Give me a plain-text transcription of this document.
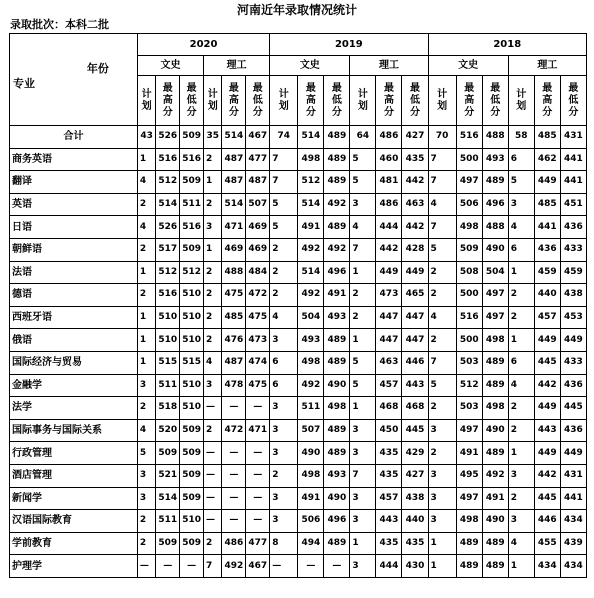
河南近年录取情况统计
录取批次：本科二批
年份
专业	2020						2019						2018					
	文史			理工			文史			理工			文史			理工		
	计划	最高分	最低分	计划	最高分	最低分	计划	最高分	最低分	计划	最高分	最低分	计划	最高分	最低分	计划	最高分	最低分
合计	43	526	509	35	514	467	74	514	489	64	486	427	70	516	488	58	485	431
商务英语	1	516	516	2	487	477	7	498	489	5	460	435	7	500	493	6	462	441
翻译	4	512	509	1	487	487	7	512	489	5	481	442	7	497	489	5	449	441
英语	2	514	511	2	514	507	5	514	492	3	486	463	4	506	496	3	485	451
日语	4	526	516	3	471	469	5	491	489	4	444	442	7	498	488	4	441	436
朝鲜语	2	517	509	1	469	469	2	492	492	7	442	428	5	509	490	6	436	433
法语	1	512	512	2	488	484	2	514	496	1	449	449	2	508	504	1	459	459
德语	2	516	510	2	475	472	2	492	491	2	473	465	2	500	497	2	440	438
西班牙语	1	510	510	2	485	475	4	504	493	2	447	447	4	516	497	2	457	453
俄语	1	510	510	2	476	473	3	493	489	1	447	447	2	500	498	1	449	449
国际经济与贸易	1	515	515	4	487	474	6	498	489	5	463	446	7	503	489	6	445	433
金融学	3	511	510	3	478	475	6	492	490	5	457	443	5	512	489	4	442	436
法学	2	518	510	—	—	—	3	511	498	1	468	468	2	503	498	2	449	445
国际事务与国际关系	4	520	509	2	472	471	3	507	489	3	450	445	3	497	490	2	443	436
行政管理	5	509	509	—	—	—	3	490	489	3	435	429	2	491	489	1	449	449
酒店管理	3	521	509	—	—	—	2	498	493	7	435	427	3	495	492	3	442	431
新闻学	3	514	509	—	—	—	3	491	490	3	457	438	3	497	491	2	445	441
汉语国际教育	2	511	510	—	—	—	3	506	496	3	443	440	3	498	490	3	446	434
学前教育	2	509	509	2	486	477	8	494	489	1	435	435	1	489	489	4	455	439
护理学	—	—	—	7	492	467	—	—	—	3	444	430	1	489	489	1	434	434
